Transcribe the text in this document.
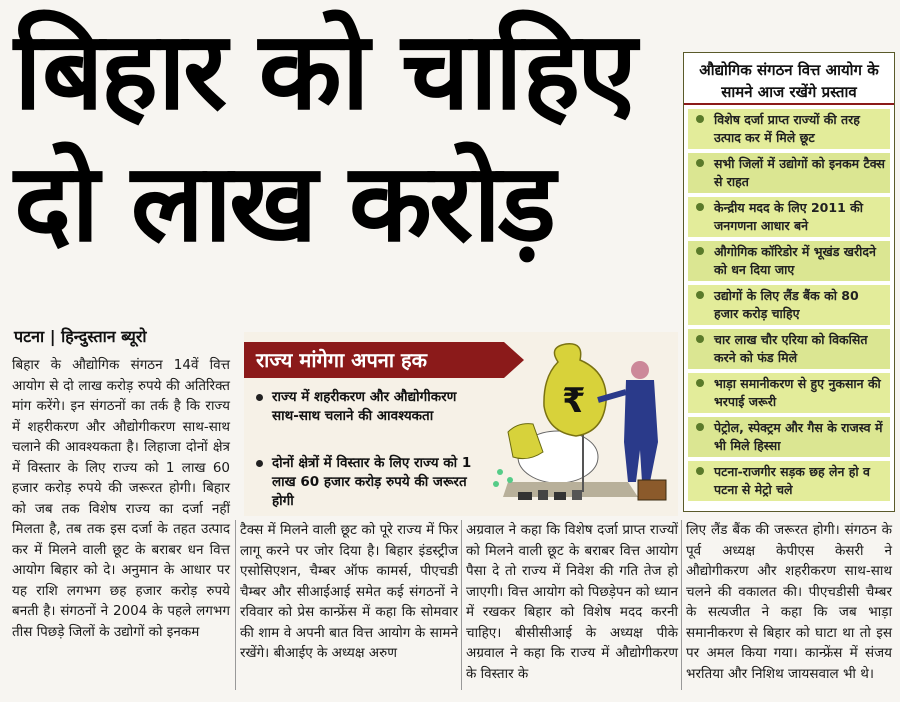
बिहार को चाहिए
दो लाख करोड़
पटना | हिन्दुस्तान ब्यूरो
बिहार के औद्योगिक संगठन 14वें वित्त आयोग से दो लाख करोड़ रुपये की अतिरिक्त मांग करेंगे। इन संगठनों का तर्क है कि राज्य में शहरीकरण और औद्योगीकरण साथ-साथ चलाने की आवश्यकता है। लिहाजा दोनों क्षेत्र में विस्तार के लिए राज्य को 1 लाख 60 हजार करोड़ रुपये की जरूरत होगी। बिहार को जब तक विशेष राज्य का दर्जा नहीं मिलता है, तब तक इस दर्जा के तहत उत्पाद कर में मिलने वाली छूट के बराबर धन वित्त आयोग बिहार को दे। अनुमान के आधार पर यह राशि लगभग छह हजार करोड़ रुपये बनती है। संगठनों ने 2004 के पहले लगभग तीस पिछड़े जिलों के उद्योगों को इनकम
टैक्स में मिलने वाली छूट को पूरे राज्य में फिर लागू करने पर जोर दिया है। बिहार इंडस्ट्रीज एसोसिएशन, चैम्बर ऑफ कामर्स, पीएचडी चैम्बर और सीआईआई समेत कई संगठनों ने रविवार को प्रेस कान्फ्रेंस में कहा कि सोमवार की शाम वे अपनी बात वित्त आयोग के सामने रखेंगे। बीआईए के अध्यक्ष अरुण
अग्रवाल ने कहा कि विशेष दर्जा प्राप्त राज्यों को मिलने वाली छूट के बराबर वित्त आयोग पैसा दे तो राज्य में निवेश की गति तेज हो जाएगी। वित्त आयोग को पिछड़ेपन को ध्यान में रखकर बिहार को विशेष मदद करनी चाहिए। बीसीसीआई के अध्यक्ष पीके अग्रवाल ने कहा कि राज्य में औद्योगीकरण के विस्तार के
लिए लैंड बैंक की जरूरत होगी। संगठन के पूर्व अध्यक्ष केपीएस केसरी ने औद्योगीकरण और शहरीकरण साथ-साथ चलने की वकालत की। पीएचडीसी चैम्बर के सत्यजीत ने कहा कि जब भाड़ा समानीकरण से बिहार को घाटा था तो इस पर अमल किया गया। कान्फ्रेंस में संजय भरतिया और निशिथ जायसवाल भी थे।
औद्योगिक संगठन वित्त आयोग के सामने आज रखेंगे प्रस्ताव
विशेष दर्जा प्राप्त राज्यों की तरह उत्पाद कर में मिले छूट
सभी जिलों में उद्योगों को इनकम टैक्स से राहत
केन्द्रीय मदद के लिए 2011 की जनगणना आधार बने
औगोगिक कॉरिडोर में भूखंड खरीदने को धन दिया जाए
उद्योगों के लिए लैंड बैंक को 80 हजार करोड़ चाहिए
चार लाख चौर एरिया को विकसित करने को फंड मिले
भाड़ा समानीकरण से हुए नुकसान की भरपाई जरूरी
पेट्रोल, स्पेक्ट्रम और गैस के राजस्व में भी मिले हिस्सा
पटना-राजगीर सड़क छह लेन हो व पटना से मेट्रो चले
राज्य मांगेगा अपना हक
राज्य में शहरीकरण और औद्योगीकरण साथ-साथ चलाने की आवश्यकता
दोनों क्षेत्रों में विस्तार के लिए राज्य को 1 लाख 60 हजार करोड़ रुपये की जरूरत होगी
₹
